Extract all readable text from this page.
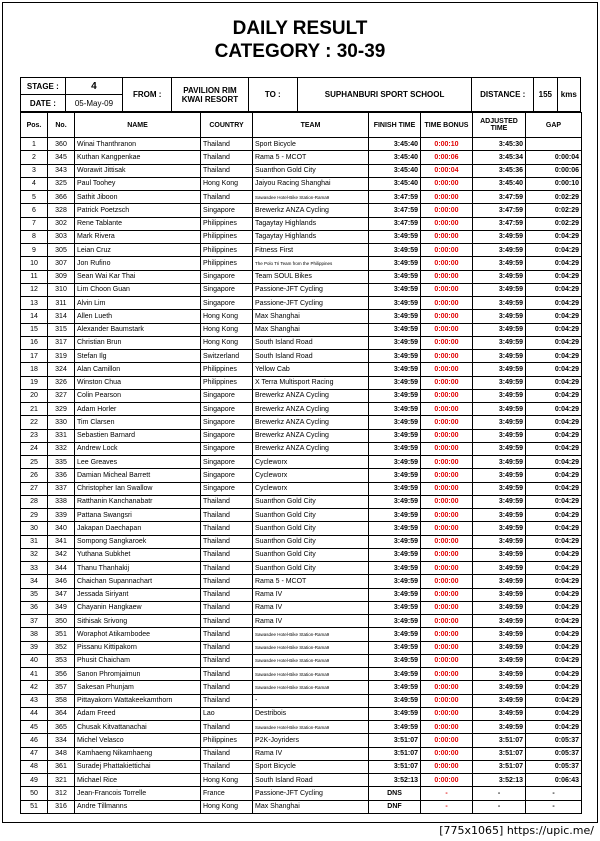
DAILY RESULT
CATEGORY : 30-39
STAGE :	4	FROM :	PAVILION RIM
KWAI RESORT	TO :	SUPHANBURI SPORT SCHOOL	DISTANCE :	155	kms
DATE :	05-May-09							
Pos.	No.	NAME	COUNTRY	TEAM	FINISH TIME	TIME BONUS	ADJUSTED TIME	GAP
1	360	Winai Thanthranon	Thailand	Sport Bicycle	3:45:40	0:00:10	3:45:30	
2	345	Kuthan Kangpenkae	Thailand	Rama 5 - MCOT	3:45:40	0:00:06	3:45:34	0:00:04
3	343	Worawit Jittisak	Thailand	Suanthon Gold City	3:45:40	0:00:04	3:45:36	0:00:06
4	325	Paul Toohey	Hong Kong	Jaiyou Racing Shanghai	3:45:40	0:00:00	3:45:40	0:00:10
5	366	Sathit Jiboon	Thailand	Sawasdee Hotel-Bike Station-Rama9	3:47:59	0:00:00	3:47:59	0:02:29
6	328	Patrick Poetzsch	Singapore	Brewerkz ANZA Cycling	3:47:59	0:00:00	3:47:59	0:02:29
7	302	Rene Tablante	Philippines	Tagaytay Highlands	3:47:59	0:00:00	3:47:59	0:02:29
8	303	Mark Rivera	Philippines	Tagaytay Highlands	3:49:59	0:00:00	3:49:59	0:04:29
9	305	Leian Cruz	Philippines	Fitness First	3:49:59	0:00:00	3:49:59	0:04:29
10	307	Jon Rufino	Philippines	The Polo Tri Team from the Philippines	3:49:59	0:00:00	3:49:59	0:04:29
11	309	Sean Wai Kar Thai	Singapore	Team SOUL Bikes	3:49:59	0:00:00	3:49:59	0:04:29
12	310	Lim Choon Guan	Singapore	Passione-JFT Cycling	3:49:59	0:00:00	3:49:59	0:04:29
13	311	Alvin Lim	Singapore	Passione-JFT Cycling	3:49:59	0:00:00	3:49:59	0:04:29
14	314	Allen Lueth	Hong Kong	Max Shanghai	3:49:59	0:00:00	3:49:59	0:04:29
15	315	Alexander Baumstark	Hong Kong	Max Shanghai	3:49:59	0:00:00	3:49:59	0:04:29
16	317	Christian Brun	Hong Kong	South Island Road	3:49:59	0:00:00	3:49:59	0:04:29
17	319	Stefan Ilg	Switzerland	South Island Road	3:49:59	0:00:00	3:49:59	0:04:29
18	324	Alan Camillon	Philippines	Yellow Cab	3:49:59	0:00:00	3:49:59	0:04:29
19	326	Winston Chua	Philippines	X Terra Multisport Racing	3:49:59	0:00:00	3:49:59	0:04:29
20	327	Colin Pearson	Singapore	Brewerkz ANZA Cycling	3:49:59	0:00:00	3:49:59	0:04:29
21	329	Adam Horler	Singapore	Brewerkz ANZA Cycling	3:49:59	0:00:00	3:49:59	0:04:29
22	330	Tim Clarsen	Singapore	Brewerkz ANZA Cycling	3:49:59	0:00:00	3:49:59	0:04:29
23	331	Sebastien Barnard	Singapore	Brewerkz ANZA Cycling	3:49:59	0:00:00	3:49:59	0:04:29
24	332	Andrew Lock	Singapore	Brewerkz ANZA Cycling	3:49:59	0:00:00	3:49:59	0:04:29
25	335	Lee Greaves	Singapore	Cycleworx	3:49:59	0:00:00	3:49:59	0:04:29
26	336	Damian Micheal Barrett	Singapore	Cycleworx	3:49:59	0:00:00	3:49:59	0:04:29
27	337	Christopher Ian Swallow	Singapore	Cycleworx	3:49:59	0:00:00	3:49:59	0:04:29
28	338	Ratthanin Kanchanabatr	Thailand	Suanthon Gold City	3:49:59	0:00:00	3:49:59	0:04:29
29	339	Pattana Swangsri	Thailand	Suanthon Gold City	3:49:59	0:00:00	3:49:59	0:04:29
30	340	Jakapan Daechapan	Thailand	Suanthon Gold City	3:49:59	0:00:00	3:49:59	0:04:29
31	341	Sompong Sangkaroek	Thailand	Suanthon Gold City	3:49:59	0:00:00	3:49:59	0:04:29
32	342	Yuthana Subkhet	Thailand	Suanthon Gold City	3:49:59	0:00:00	3:49:59	0:04:29
33	344	Thanu Thanhakij	Thailand	Suanthon Gold City	3:49:59	0:00:00	3:49:59	0:04:29
34	346	Chaichan Supannachart	Thailand	Rama 5 - MCOT	3:49:59	0:00:00	3:49:59	0:04:29
35	347	Jessada Siriyant	Thailand	Rama IV	3:49:59	0:00:00	3:49:59	0:04:29
36	349	Chayanin Hangkaew	Thailand	Rama IV	3:49:59	0:00:00	3:49:59	0:04:29
37	350	Sithisak Srivong	Thailand	Rama IV	3:49:59	0:00:00	3:49:59	0:04:29
38	351	Woraphot Atikarnbodee	Thailand	Sawasdee Hotel-Bike Station-Rama9	3:49:59	0:00:00	3:49:59	0:04:29
39	352	Pissanu Kittipakorn	Thailand	Sawasdee Hotel-Bike Station-Rama9	3:49:59	0:00:00	3:49:59	0:04:29
40	353	Phusit Chaicham	Thailand	Sawasdee Hotel-Bike Station-Rama9	3:49:59	0:00:00	3:49:59	0:04:29
41	356	Sanon Phromjaimun	Thailand	Sawasdee Hotel-Bike Station-Rama9	3:49:59	0:00:00	3:49:59	0:04:29
42	357	Sakesan Phunjam	Thailand	Sawasdee Hotel-Bike Station-Rama9	3:49:59	0:00:00	3:49:59	0:04:29
43	358	Pittayakorn Wattakeekamthorn	Thailand	-	3:49:59	0:00:00	3:49:59	0:04:29
44	364	Adam Freed	Lao	Destribois	3:49:59	0:00:00	3:49:59	0:04:29
45	365	Chusak Kitvattanachai	Thailand	Sawasdee Hotel-Bike Station-Rama9	3:49:59	0:00:00	3:49:59	0:04:29
46	334	Michel Velasco	Philippines	P2K-Joyriders	3:51:07	0:00:00	3:51:07	0:05:37
47	348	Kamhaeng Nikamhaeng	Thailand	Rama IV	3:51:07	0:00:00	3:51:07	0:05:37
48	361	Suradej Phattakiettichai	Thailand	Sport Bicycle	3:51:07	0:00:00	3:51:07	0:05:37
49	321	Michael Rice	Hong Kong	South Island Road	3:52:13	0:00:00	3:52:13	0:06:43
50	312	Jean-Francois Torrelle	France	Passione-JFT Cycling	DNS	-	-	-
51	316	Andre Tillmanns	Hong Kong	Max Shanghai	DNF	-	-	-
[775x1065] https://upic.me/
